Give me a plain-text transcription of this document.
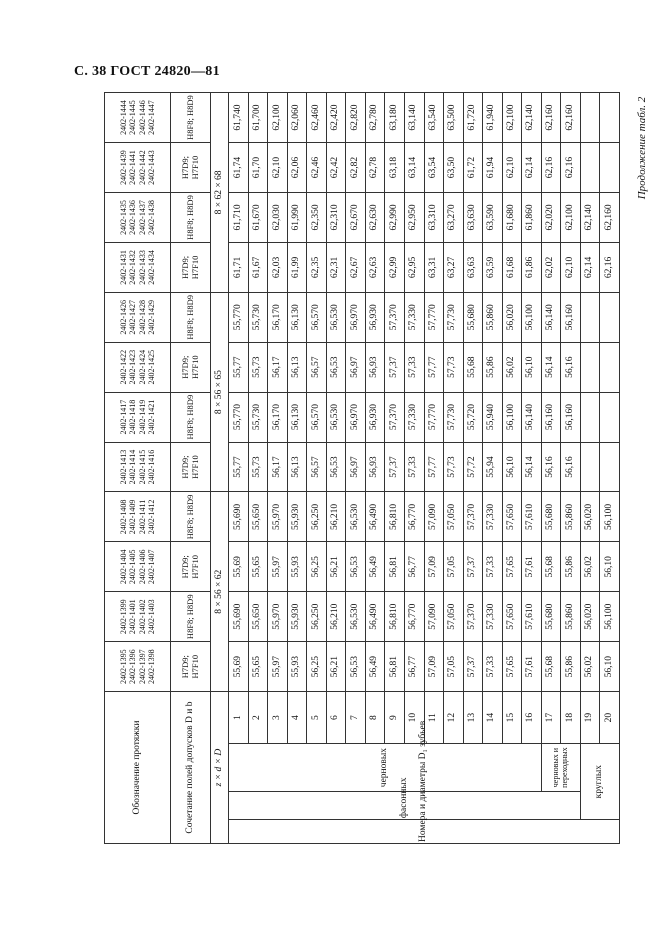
С. 38 ГОСТ 24820—81
Продолжение табл. 2
Обозначение протяжки				2402-1395 2402-1396 2402-1397 2402-1398	2402-1399 2402-1401 2402-1402 2402-1403	2402-1404 2402-1405 2402-1406 2402-1407	2402-1408 2402-1409 2402-1411 2402-1412	2402-1413 2402-1414 2402-1415 2402-1416	2402-1417 2402-1418 2402-1419 2402-1421	2402-1422 2402-1423 2402-1424 2402-1425	2402-1426 2402-1427 2402-1428 2402-1429	2402-1431 2402-1432 2402-1433 2402-1434	2402-1435 2402-1436 2402-1437 2402-1438	2402-1439 2402-1441 2402-1442 2402-1443	2402-1444 2402-1445 2402-1446 2402-1447
Сочетание полей допусков D и b				H7D9; H7F10	H8F8; H8D9	H7D9; H7F10	H8F8; H8D9	H7D9; H7F10	H8F8; H8D9	H7D9; H7F10	H8F8; H8D9	H7D9; H7F10	H8F8; H8D9	H7D9; H7F10	H8F8; H8D9
z × d × D				8 × 56 × 62				8 × 56 × 65				8 × 62 × 68			
Номера и диаметры D₁ зубьев	фасонных	черновых	1	55,69	55,690	55,69	55,690	55,77	55,770	55,77	55,770	61,71	61,710	61,74	61,740
			2	55,65	55,650	55,65	55,650	55,73	55,730	55,73	55,730	61,67	61,670	61,70	61,700
			3	55,97	55,970	55,97	55,970	56,17	56,170	56,17	56,170	62,03	62,030	62,10	62,100
			4	55,93	55,930	55,93	55,930	56,13	56,130	56,13	56,130	61,99	61,990	62,06	62,060
			5	56,25	56,250	56,25	56,250	56,57	56,570	56,57	56,570	62,35	62,350	62,46	62,460
			6	56,21	56,210	56,21	56,210	56,53	56,530	56,53	56,530	62,31	62,310	62,42	62,420
			7	56,53	56,530	56,53	56,530	56,97	56,970	56,97	56,970	62,67	62,670	62,82	62,820
			8	56,49	56,490	56,49	56,490	56,93	56,930	56,93	56,930	62,63	62,630	62,78	62,780
			9	56,81	56,810	56,81	56,810	57,37	57,370	57,37	57,370	62,99	62,990	63,18	63,180
			10	56,77	56,770	56,77	56,770	57,33	57,330	57,33	57,330	62,95	62,950	63,14	63,140
			11	57,09	57,090	57,09	57,090	57,77	57,770	57,77	57,770	63,31	63,310	63,54	63,540
			12	57,05	57,050	57,05	57,050	57,73	57,730	57,73	57,730	63,27	63,270	63,50	63,500
			13	57,37	57,370	57,37	57,370	57,72	55,720	55,68	55,680	63,63	63,630	61,72	61,720
			14	57,33	57,330	57,33	57,330	55,94	55,940	55,86	55,860	63,59	63,590	61,94	61,940
			15	57,65	57,650	57,65	57,650	56,10	56,100	56,02	56,020	61,68	61,680	62,10	62,100
			16	57,61	57,610	57,61	57,610	56,14	56,140	56,10	56,100	61,86	61,860	62,14	62,140
		черновых и переходных	17	55,68	55,680	55,68	55,680	56,16	56,160	56,14	56,140	62,02	62,020	62,16	62,160
			18	55,86	55,860	55,86	55,860	56,16	56,160	56,16	56,160	62,10	62,100	62,16	62,160
	круглых		19	56,02	56,020	56,02	56,020					62,14	62,140		
			20	56,10	56,100	56,10	56,100					62,16	62,160		
